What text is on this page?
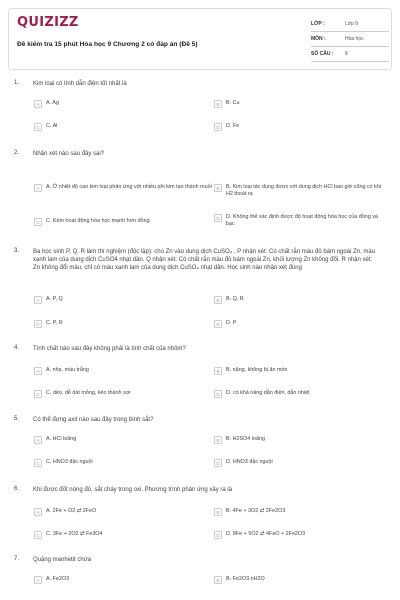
QUIZIZZ
Đề kiểm tra 15 phút Hóa học 9 Chương 2 có đáp án (Đề 5)
LỚP :	Lớp 9
MÔN :	Hóa học
SỐ CÂU :	8
1. Kim loại có tính dẫn điện tốt nhất là
A	A. Ag	B	B. Cu
C	C. Al	D	D. Fe
2. Nhận xét nào sau đây sai?
A	A. Ở nhiệt độ cao kim loại phản ứng với nhiều phi kim tạo thành muối	B	B. Kim loại tác dụng được với dung dịch HCl bao giờ cũng có khí H2 thoát ra
C	C. Kém hoạt động hóa học mạnh hơn đồng	D	D. Không thể xác định được độ hoạt động hóa học của đồng và bạc
3. Ba học sinh P, Q, R làm thí nghiệm (độc lập): cho Zn vào dung dịch CuSO₄ . P nhận xét: Có chất rắn màu đỏ bám ngoài Zn, màu xanh lam của dung dịch CuSO4 nhạt dần. Q nhận xét: Có chất rắn màu đỏ bám ngoài Zn, khối lượng Zn không đổi. R nhận xét: Zn không đổi màu, chỉ có màu xanh lam của dung dịch CuSO₄ nhạt dần. Học sinh nào nhận xét đúng
A	A. P, Q	B	B. Q, R
C	C. P, R	D	D. P
4. Tính chất nào sau đây không phải là tính chất của nhôm?
A	A. nhẹ, màu trắng	B	B. nặng, không bị ăn mòn
C	C. dẻo, dễ dát mỏng, kéo thành sợi	D	D. có khả năng dẫn điện, dẫn nhiệt
5. Có thể đựng axit nào sau đây trong bình sắt?
A	A. HCl loãng	B	B. H2SO4 loãng
C	C. HNO3 đặc nguội	D	D. HNO3 đặc nguội
6. Khi được đốt nóng đỏ, sắt cháy trong oxi. Phương trình phản ứng xảy ra là
A	A. 2Fe + O2 ⇄ 2FeO	B	B. 4Fe + 3O2 ⇄ 2Fe2O3
C	C. 3Fe + 2O2 ⇄ Fe3O4	D	D. 8Fe + 5O2 ⇄ 4FeO + 2Fe2O3
7. Quặng manhetit chứa
A	A. Fe2O3	B	B. Fe2O3.nH2O
